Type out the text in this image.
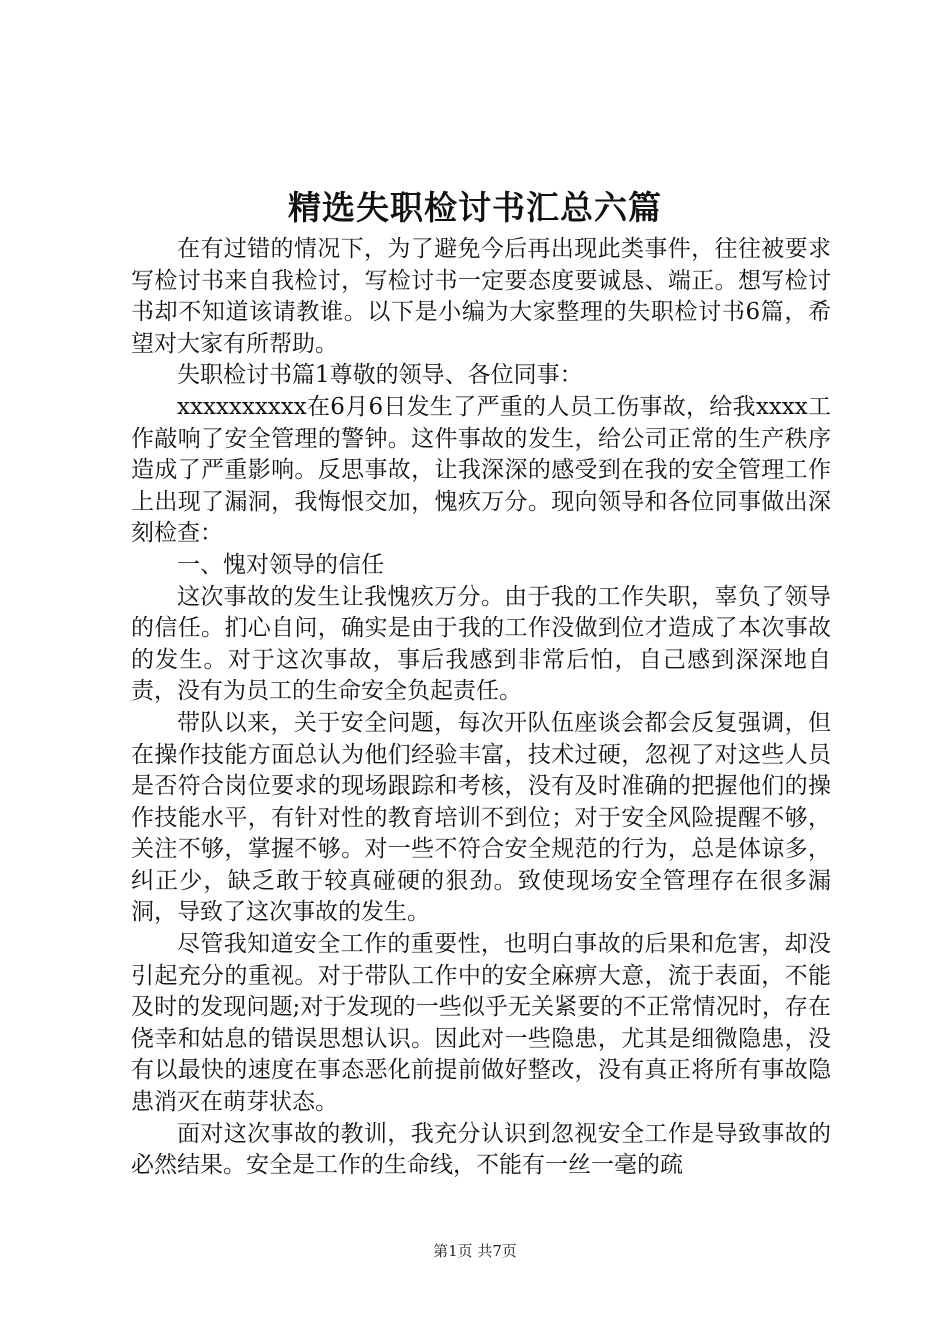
精选失职检讨书汇总六篇

在有过错的情况下，为了避免今后再出现此类事件，往往被要求写检讨书来自我检讨，写检讨书一定要态度要诚恳、端正。想写检讨书却不知道该请教谁。以下是小编为大家整理的失职检讨书6篇，希望对大家有所帮助。

失职检讨书篇1尊敬的领导、各位同事：

xxxxxxxxxx在6月6日发生了严重的人员工伤事故，给我xxxx工作敲响了安全管理的警钟。这件事故的发生，给公司正常的生产秩序造成了严重影响。反思事故，让我深深的感受到在我的安全管理工作上出现了漏洞，我悔恨交加，愧疚万分。现向领导和各位同事做出深刻检查：

一、愧对领导的信任

这次事故的发生让我愧疚万分。由于我的工作失职，辜负了领导的信任。扪心自问，确实是由于我的工作没做到位才造成了本次事故的发生。对于这次事故，事后我感到非常后怕，自己感到深深地自责，没有为员工的生命安全负起责任。

带队以来，关于安全问题，每次开队伍座谈会都会反复强调，但在操作技能方面总认为他们经验丰富，技术过硬，忽视了对这些人员是否符合岗位要求的现场跟踪和考核，没有及时准确的把握他们的操作技能水平，有针对性的教育培训不到位；对于安全风险提醒不够，关注不够，掌握不够。对一些不符合安全规范的行为，总是体谅多，纠正少，缺乏敢于较真碰硬的狠劲。致使现场安全管理存在很多漏洞，导致了这次事故的发生。

尽管我知道安全工作的重要性，也明白事故的后果和危害，却没引起充分的重视。对于带队工作中的安全麻痹大意，流于表面，不能及时的发现问题;对于发现的一些似乎无关紧要的不正常情况时，存在侥幸和姑息的错误思想认识。因此对一些隐患，尤其是细微隐患，没有以最快的速度在事态恶化前提前做好整改，没有真正将所有事故隐患消灭在萌芽状态。

面对这次事故的教训，我充分认识到忽视安全工作是导致事故的必然结果。安全是工作的生命线，不能有一丝一毫的疏

第1页 共7页
